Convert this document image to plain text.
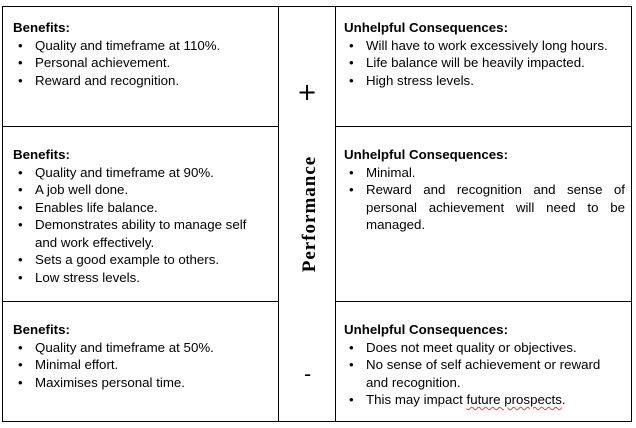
Benefits:

• Quality and timeframe at 110%.
• Personal achievement.
• Reward and recognition.

Unhelpful Consequences:

• Will have to work excessively long hours.
• Life balance will be heavily impacted.
• High stress levels.

Benefits:

• Quality and timeframe at 90%.
• A job well done.
• Enables life balance.
• Demonstrates ability to manage self and work effectively.
• Sets a good example to others.
• Low stress levels.

Unhelpful Consequences:

• Minimal.
• Reward and recognition and sense of personal achievement will need to be managed.

Benefits:

• Quality and timeframe at 50%.
• Minimal effort.
• Maximises personal time.

Unhelpful Consequences:

• Does not meet quality or objectives.
• No sense of self achievement or reward and recognition.
• This may impact future prospects.
+
Performance
-
